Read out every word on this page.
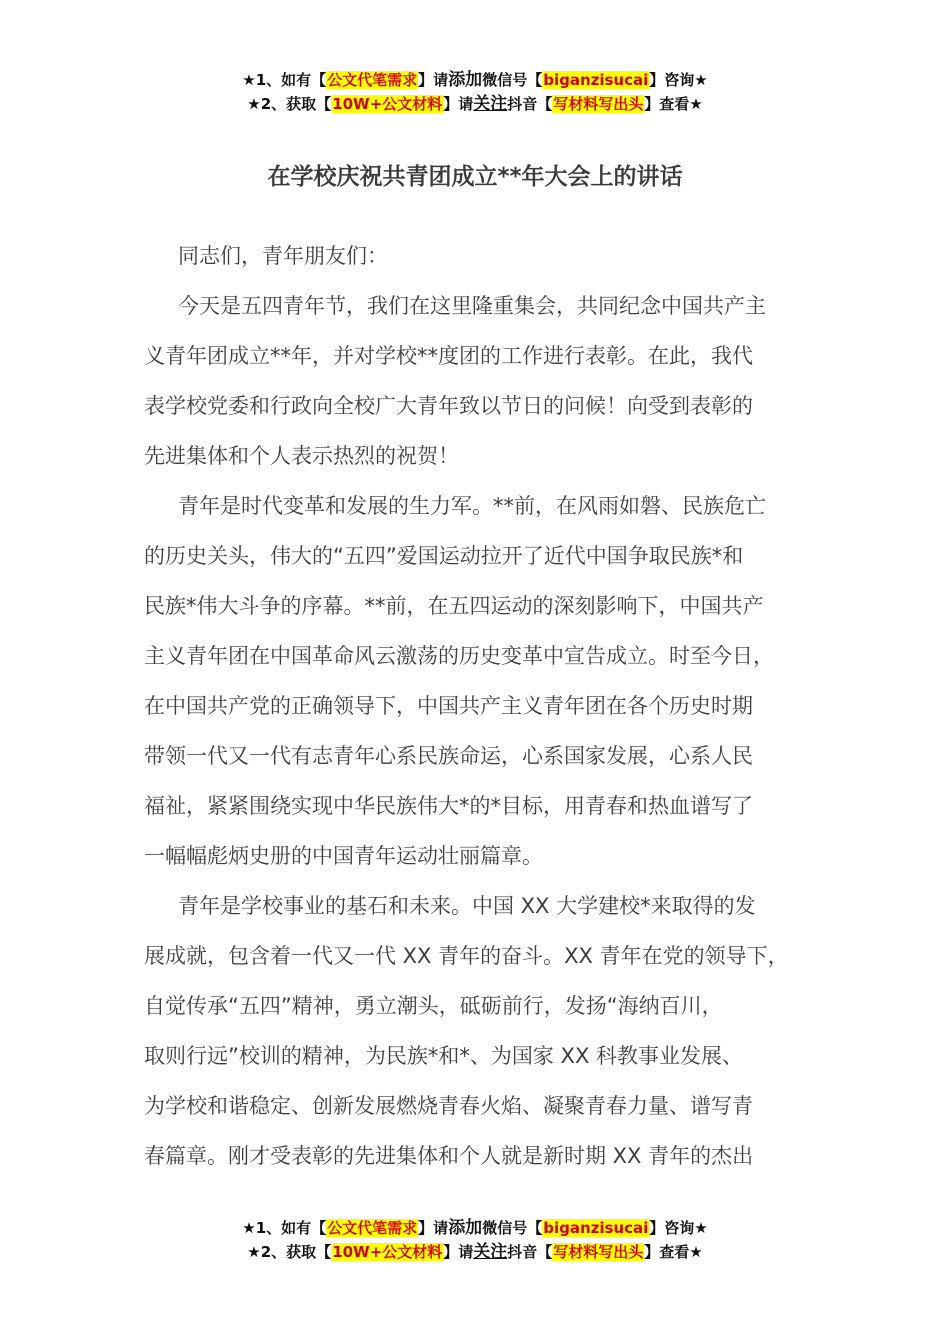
★1、如有【公文代笔需求】请添加微信号【biganzisucai】咨询★
★2、获取【10W+公文材料】请关注抖音【写材料写出头】查看★
在学校庆祝共青团成立**年大会上的讲话
同志们，青年朋友们：
今天是五四青年节，我们在这里隆重集会，共同纪念中国共产主
义青年团成立**年，并对学校**度团的工作进行表彰。在此，我代
表学校党委和行政向全校广大青年致以节日的问候！向受到表彰的
先进集体和个人表示热烈的祝贺！
青年是时代变革和发展的生力军。**前，在风雨如磐、民族危亡
的历史关头，伟大的“五四”爱国运动拉开了近代中国争取民族*和
民族*伟大斗争的序幕。**前，在五四运动的深刻影响下，中国共产
主义青年团在中国革命风云激荡的历史变革中宣告成立。时至今日，
在中国共产党的正确领导下，中国共产主义青年团在各个历史时期
带领一代又一代有志青年心系民族命运，心系国家发展，心系人民
福祉，紧紧围绕实现中华民族伟大*的*目标，用青春和热血谱写了
一幅幅彪炳史册的中国青年运动壮丽篇章。
青年是学校事业的基石和未来。中国 XX 大学建校*来取得的发
展成就，包含着一代又一代 XX 青年的奋斗。XX 青年在党的领导下，
自觉传承“五四”精神，勇立潮头，砥砺前行，发扬“海纳百川，
取则行远”校训的精神，为民族*和*、为国家 XX 科教事业发展、
为学校和谐稳定、创新发展燃烧青春火焰、凝聚青春力量、谱写青
春篇章。刚才受表彰的先进集体和个人就是新时期 XX 青年的杰出
★1、如有【公文代笔需求】请添加微信号【biganzisucai】咨询★
★2、获取【10W+公文材料】请关注抖音【写材料写出头】查看★
